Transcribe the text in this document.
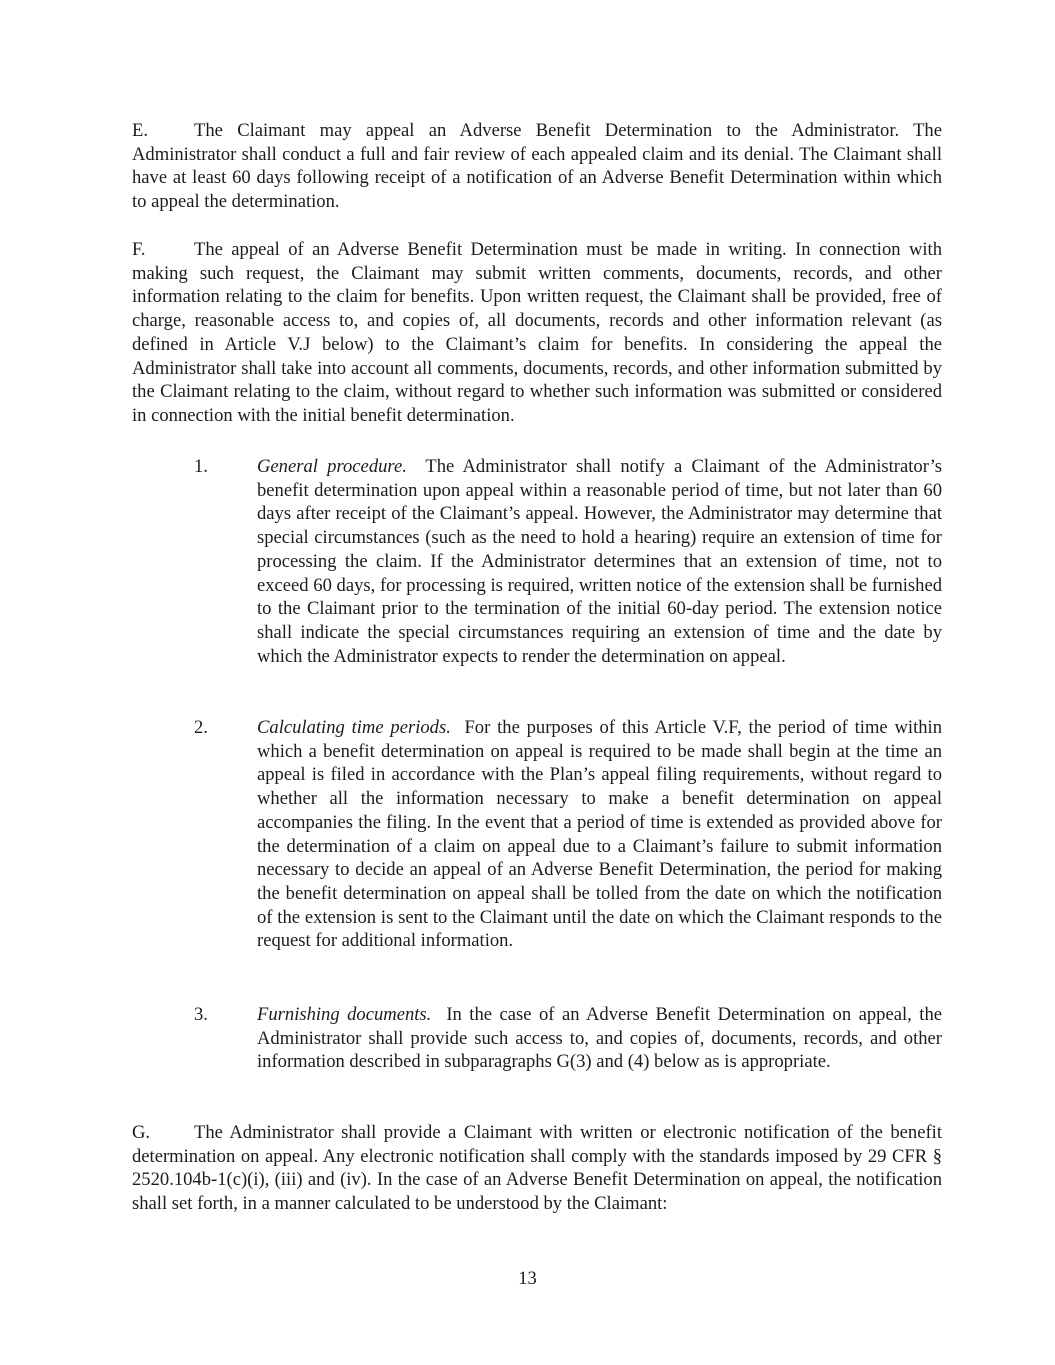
E. The Claimant may appeal an Adverse Benefit Determination to the Administrator. The Administrator shall conduct a full and fair review of each appealed claim and its denial. The Claimant shall have at least 60 days following receipt of a notification of an Adverse Benefit Determination within which to appeal the determination.

F.	The appeal of an Adverse Benefit Determination must be made in writing. In connection with making such request, the Claimant may submit written comments, documents, records, and other information relating to the claim for benefits. Upon written request, the Claimant shall be provided, free of charge, reasonable access to, and copies of, all documents, records and other information relevant (as defined in Article V.J below) to the Claimant’s claim for benefits. In considering the appeal the Administrator shall take into account all comments, documents, records, and other information submitted by the Claimant relating to the claim, without regard to whether such information was submitted or considered in connection with the initial benefit determination.

1.	General procedure. The Administrator shall notify a Claimant of the Administrator’s benefit determination upon appeal within a reasonable period of time, but not later than 60 days after receipt of the Claimant’s appeal. However, the Administrator may determine that special circumstances (such as the need to hold a hearing) require an extension of time for processing the claim. If the Administrator determines that an extension of time, not to exceed 60 days, for processing is required, written notice of the extension shall be furnished to the Claimant prior to the termination of the initial 60-day period. The extension notice shall indicate the special circumstances requiring an extension of time and the date by which the Administrator expects to render the determination on appeal.
2.	Calculating time periods. For the purposes of this Article V.F, the period of time within which a benefit determination on appeal is required to be made shall begin at the time an appeal is filed in accordance with the Plan’s appeal filing requirements, without regard to whether all the information necessary to make a benefit determination on appeal accompanies the filing. In the event that a period of time is extended as provided above for the determination of a claim on appeal due to a Claimant’s failure to submit information necessary to decide an appeal of an Adverse Benefit Determination, the period for making the benefit determination on appeal shall be tolled from the date on which the notification of the extension is sent to the Claimant until the date on which the Claimant responds to the request for additional information.
3.	Furnishing documents. In the case of an Adverse Benefit Determination on appeal, the Administrator shall provide such access to, and copies of, documents, records, and other information described in subparagraphs G(3) and (4) below as is appropriate.

G. The Administrator shall provide a Claimant with written or electronic notification of the benefit determination on appeal. Any electronic notification shall comply with the standards imposed by 29 CFR § 2520.104b-1(c)(i), (iii) and (iv). In the case of an Adverse Benefit Determination on appeal, the notification shall set forth, in a manner calculated to be understood by the Claimant:

13
